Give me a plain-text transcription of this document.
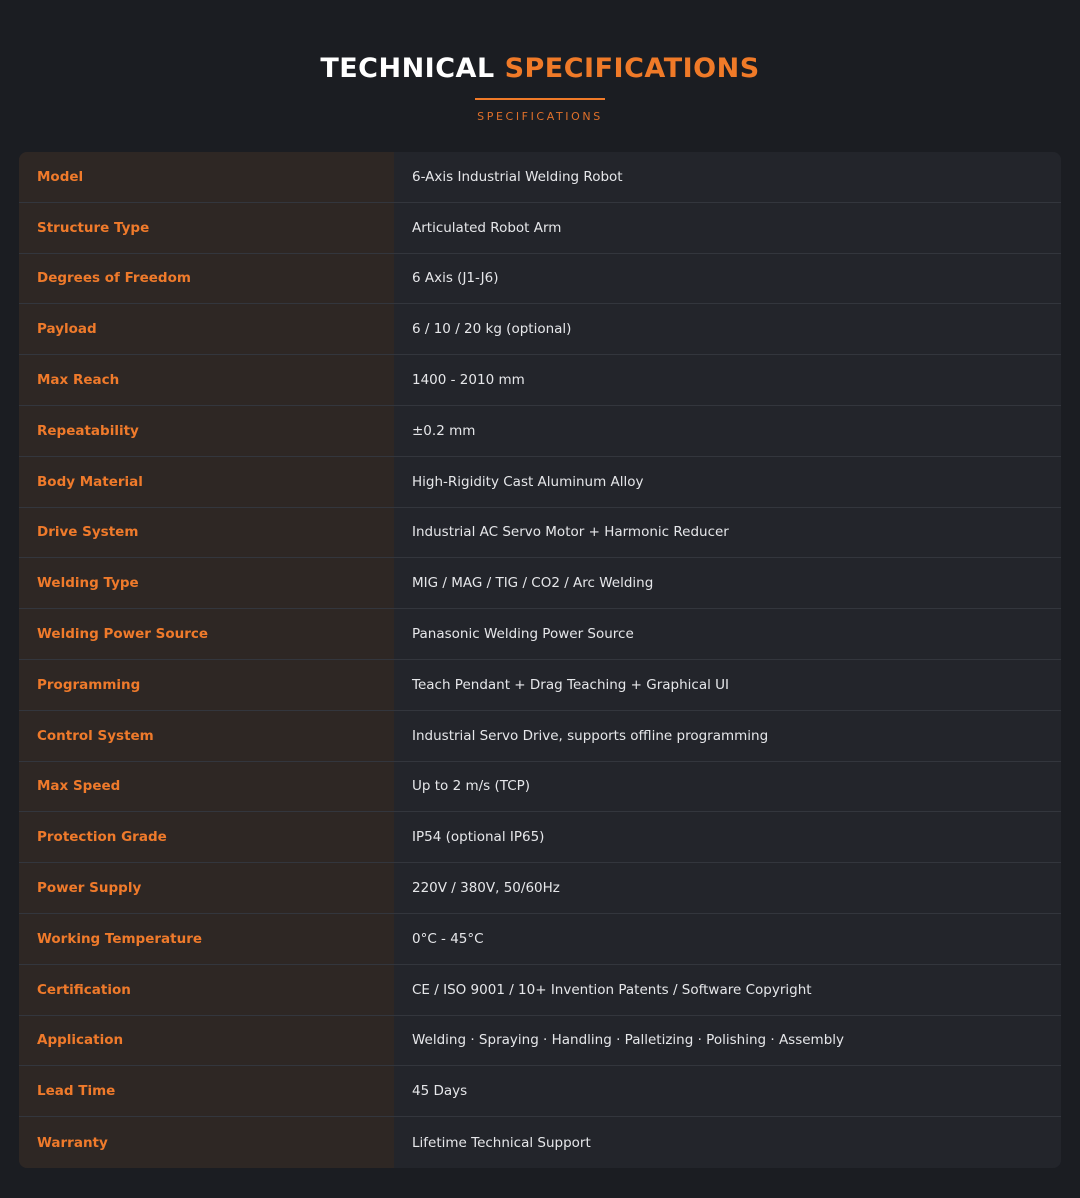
TECHNICAL SPECIFICATIONS
SPECIFICATIONS
Model	6-Axis Industrial Welding Robot
Structure Type	Articulated Robot Arm
Degrees of Freedom	6 Axis (J1-J6)
Payload	6 / 10 / 20 kg (optional)
Max Reach	1400 - 2010 mm
Repeatability	±0.2 mm
Body Material	High-Rigidity Cast Aluminum Alloy
Drive System	Industrial AC Servo Motor + Harmonic Reducer
Welding Type	MIG / MAG / TIG / CO2 / Arc Welding
Welding Power Source	Panasonic Welding Power Source
Programming	Teach Pendant + Drag Teaching + Graphical UI
Control System	Industrial Servo Drive, supports offline programming
Max Speed	Up to 2 m/s (TCP)
Protection Grade	IP54 (optional IP65)
Power Supply	220V / 380V, 50/60Hz
Working Temperature	0°C - 45°C
Certification	CE / ISO 9001 / 10+ Invention Patents / Software Copyright
Application	Welding · Spraying · Handling · Palletizing · Polishing · Assembly
Lead Time	45 Days
Warranty	Lifetime Technical Support
